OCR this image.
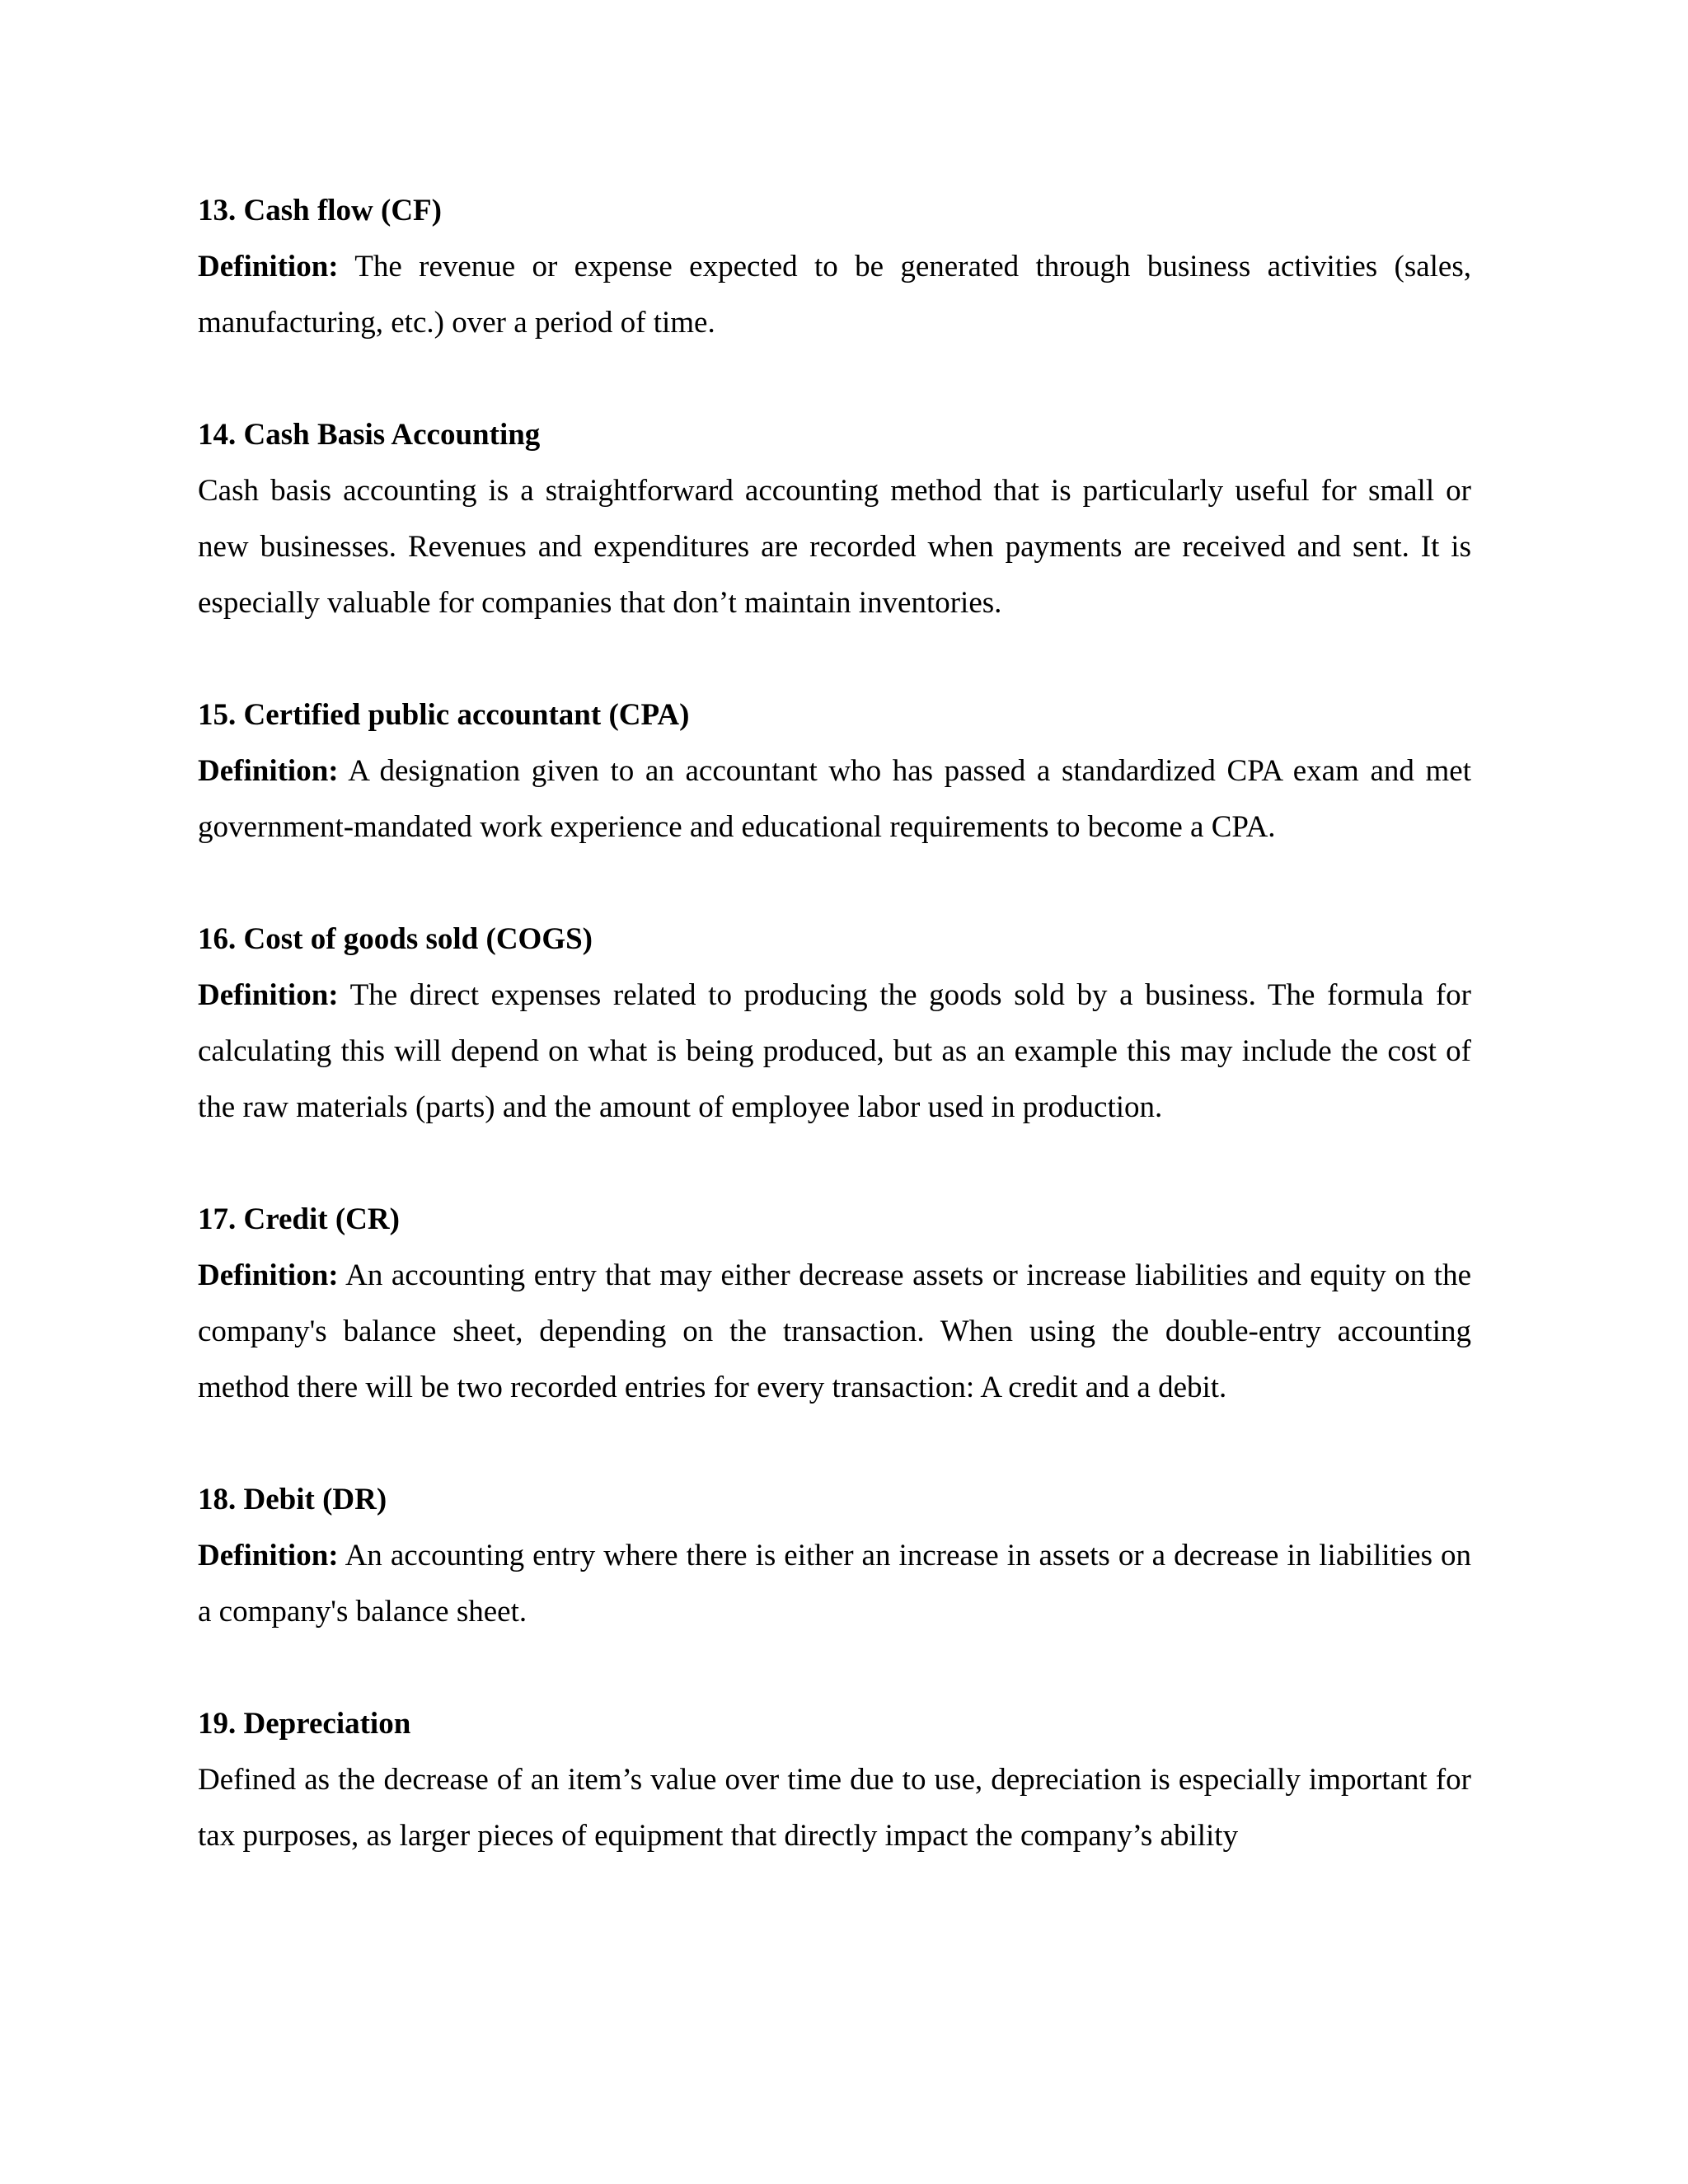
13. Cash flow (CF)

Definition: The revenue or expense expected to be generated through business activities (sales, manufacturing, etc.) over a period of time.

14. Cash Basis Accounting

Cash basis accounting is a straightforward accounting method that is particularly useful for small or new businesses. Revenues and expenditures are recorded when payments are received and sent. It is especially valuable for companies that don’t maintain inventories.

15. Certified public accountant (CPA)

Definition: A designation given to an accountant who has passed a standardized CPA exam and met government-mandated work experience and educational requirements to become a CPA.

16. Cost of goods sold (COGS)

Definition: The direct expenses related to producing the goods sold by a business. The formula for calculating this will depend on what is being produced, but as an example this may include the cost of the raw materials (parts) and the amount of employee labor used in production.

17. Credit (CR)

Definition: An accounting entry that may either decrease assets or increase liabilities and equity on the company's balance sheet, depending on the transaction. When using the double-entry accounting method there will be two recorded entries for every transaction: A credit and a debit.

18. Debit (DR)

Definition: An accounting entry where there is either an increase in assets or a decrease in liabilities on a company's balance sheet.

19. Depreciation

Defined as the decrease of an item’s value over time due to use, depreciation is especially important for tax purposes, as larger pieces of equipment that directly impact the company’s ability
